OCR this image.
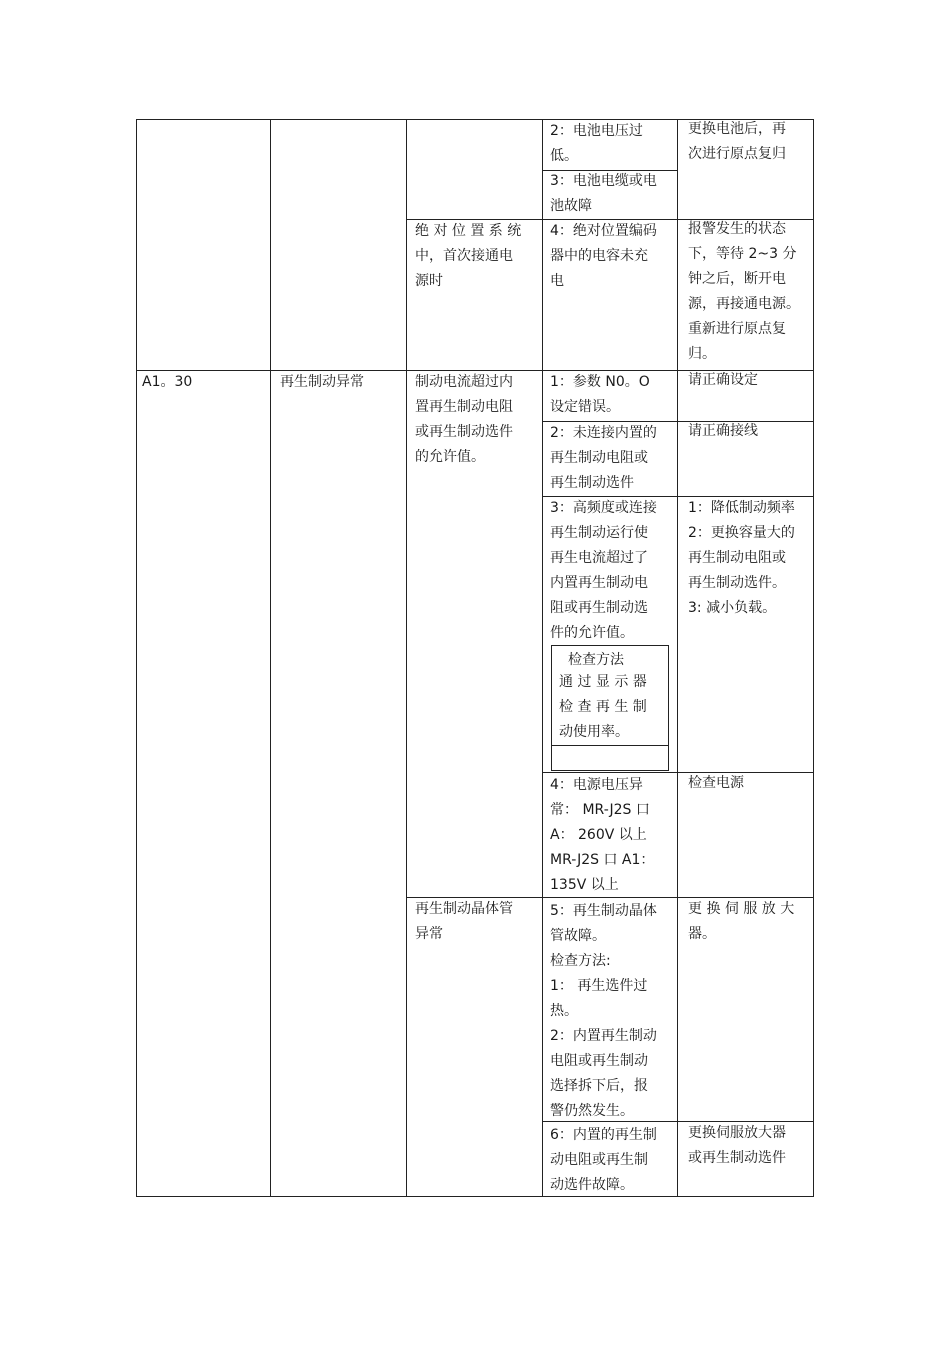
2：电池电压过
低。
更换电池后，再
次进行原点复归
3：电池电缆或电
池故障
绝 对 位 置 系 统
中，首次接通电
源时
4：绝对位置编码
器中的电容未充
电
报警发生的状态
下，等待 2~3 分
钟之后，断开电
源，再接通电源。
重新进行原点复
归。
A1。30	再生制动异常	制动电流超过内
置再生制动电阻
或再生制动选件
的允许值。
1：参数 N0。O
设定错误。
请正确设定
2：未连接内置的
再生制动电阻或
再生制动选件
请正确接线
3：高频度或连接
再生制动运行使
再生电流超过了
内置再生制动电
阻或再生制动选
件的允许值。
检查方法
通 过 显 示 器
检 查 再 生 制
动使用率。
1：降低制动频率
2：更换容量大的
再生制动电阻或
再生制动选件。
3: 减小负载。
4：电源电压异
常： MR-J2S 口
A： 260V 以上
MR-J2S 口 A1：
135V 以上
检查电源
再生制动晶体管
异常
5：再生制动晶体
管故障。
检查方法:
1： 再生选件过
热。
2：内置再生制动
电阻或再生制动
选择拆下后，报
警仍然发生。
更 换 伺 服 放 大
器。
6：内置的再生制
动电阻或再生制
动选件故障。
更换伺服放大器
或再生制动选件
